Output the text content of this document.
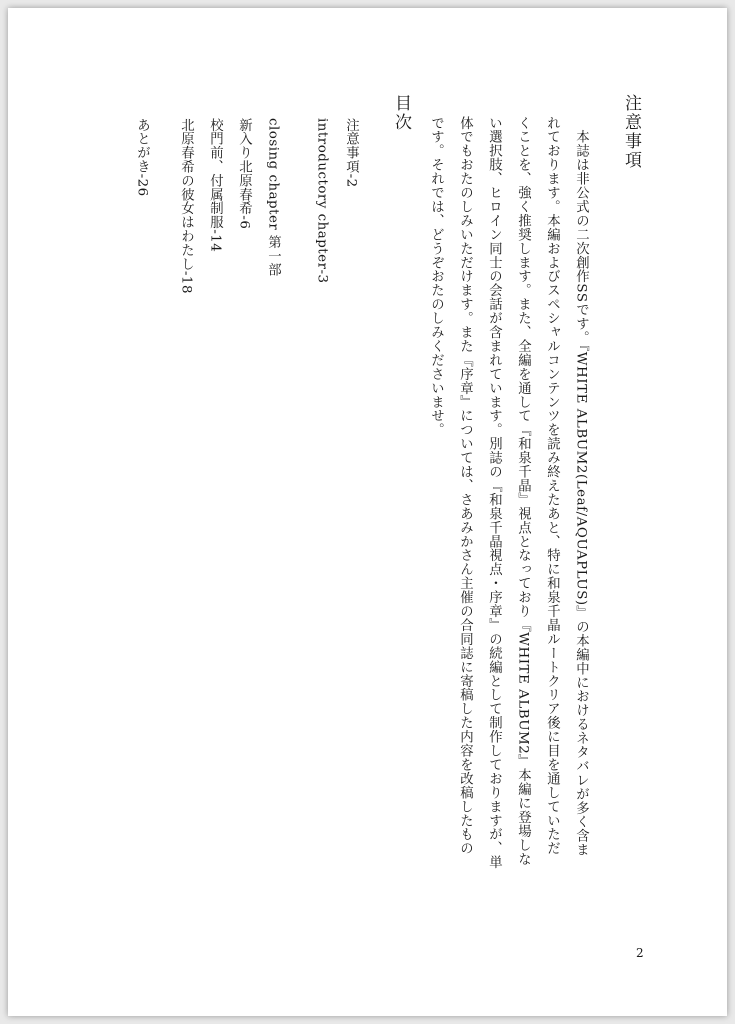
注意事項
　本誌は非公式の二次創作SSです。『WHITE ALBUM2(Leaf/AQUAPLUS)』の本編中におけるネタバレが多く含ま
れております。本編およびスペシャルコンテンツを読み終えたあと、特に和泉千晶ルートクリア後に目を通していただ
くことを、強く推奨します。また、全編を通して『和泉千晶』視点となっており『WHITE ALBUM2』本編に登場しな
い選択肢、ヒロイン同士の会話が含まれています。別誌の『和泉千晶視点・序章』の続編として制作しておりますが、単
体でもおたのしみいただけます。また『序章』については、さあみかさん主催の合同誌に寄稿した内容を改稿したもの
です。それでは、どうぞおたのしみくださいませ。
目次
注意事項-2
introductory chapter-3
closing chapter 第一部
新入り北原春希-6
校門前、付属制服-14
北原春希の彼女はわたし-18
あとがき-26
2
